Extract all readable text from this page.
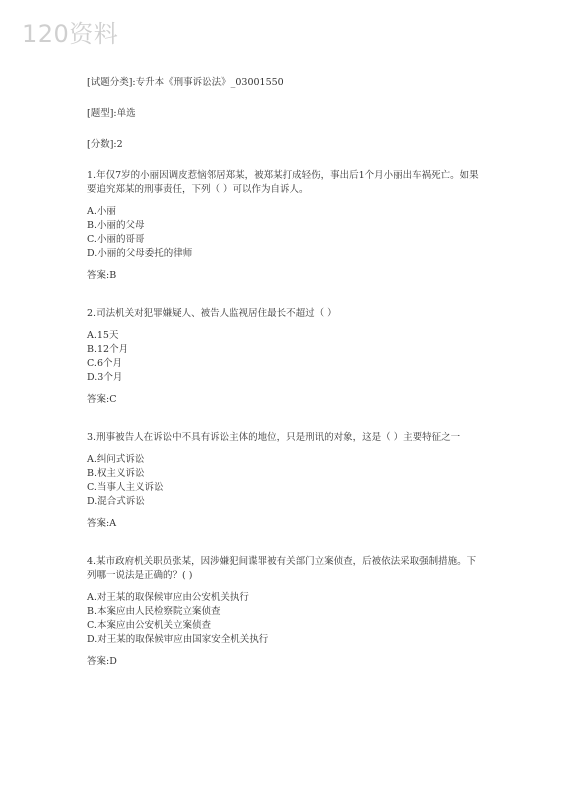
120资料

[试题分类]:专升本《刑事诉讼法》_03001550

[题型]:单选

[分数]:2

1.年仅7岁的小丽因调皮惹恼邻居郑某，被郑某打成轻伤，事出后1个月小丽出车祸死亡。如果要追究郑某的刑事责任，下列（ ）可以作为自诉人。

A.小丽

B.小丽的父母

C.小丽的哥哥

D.小丽的父母委托的律师

答案:B

2.司法机关对犯罪嫌疑人、被告人监视居住最长不超过（ ）

A.15天

B.12个月

C.6个月

D.3个月

答案:C

3.刑事被告人在诉讼中不具有诉讼主体的地位，只是刑讯的对象，这是（ ）主要特征之一

A.纠问式诉讼

B.权主义诉讼

C.当事人主义诉讼

D.混合式诉讼

答案:A

4.某市政府机关职员张某，因涉嫌犯间谍罪被有关部门立案侦查，后被依法采取强制措施。下列哪一说法是正确的？( )

A.对王某的取保候审应由公安机关执行

B.本案应由人民检察院立案侦查

C.本案应由公安机关立案侦查

D.对王某的取保候审应由国家安全机关执行

答案:D
